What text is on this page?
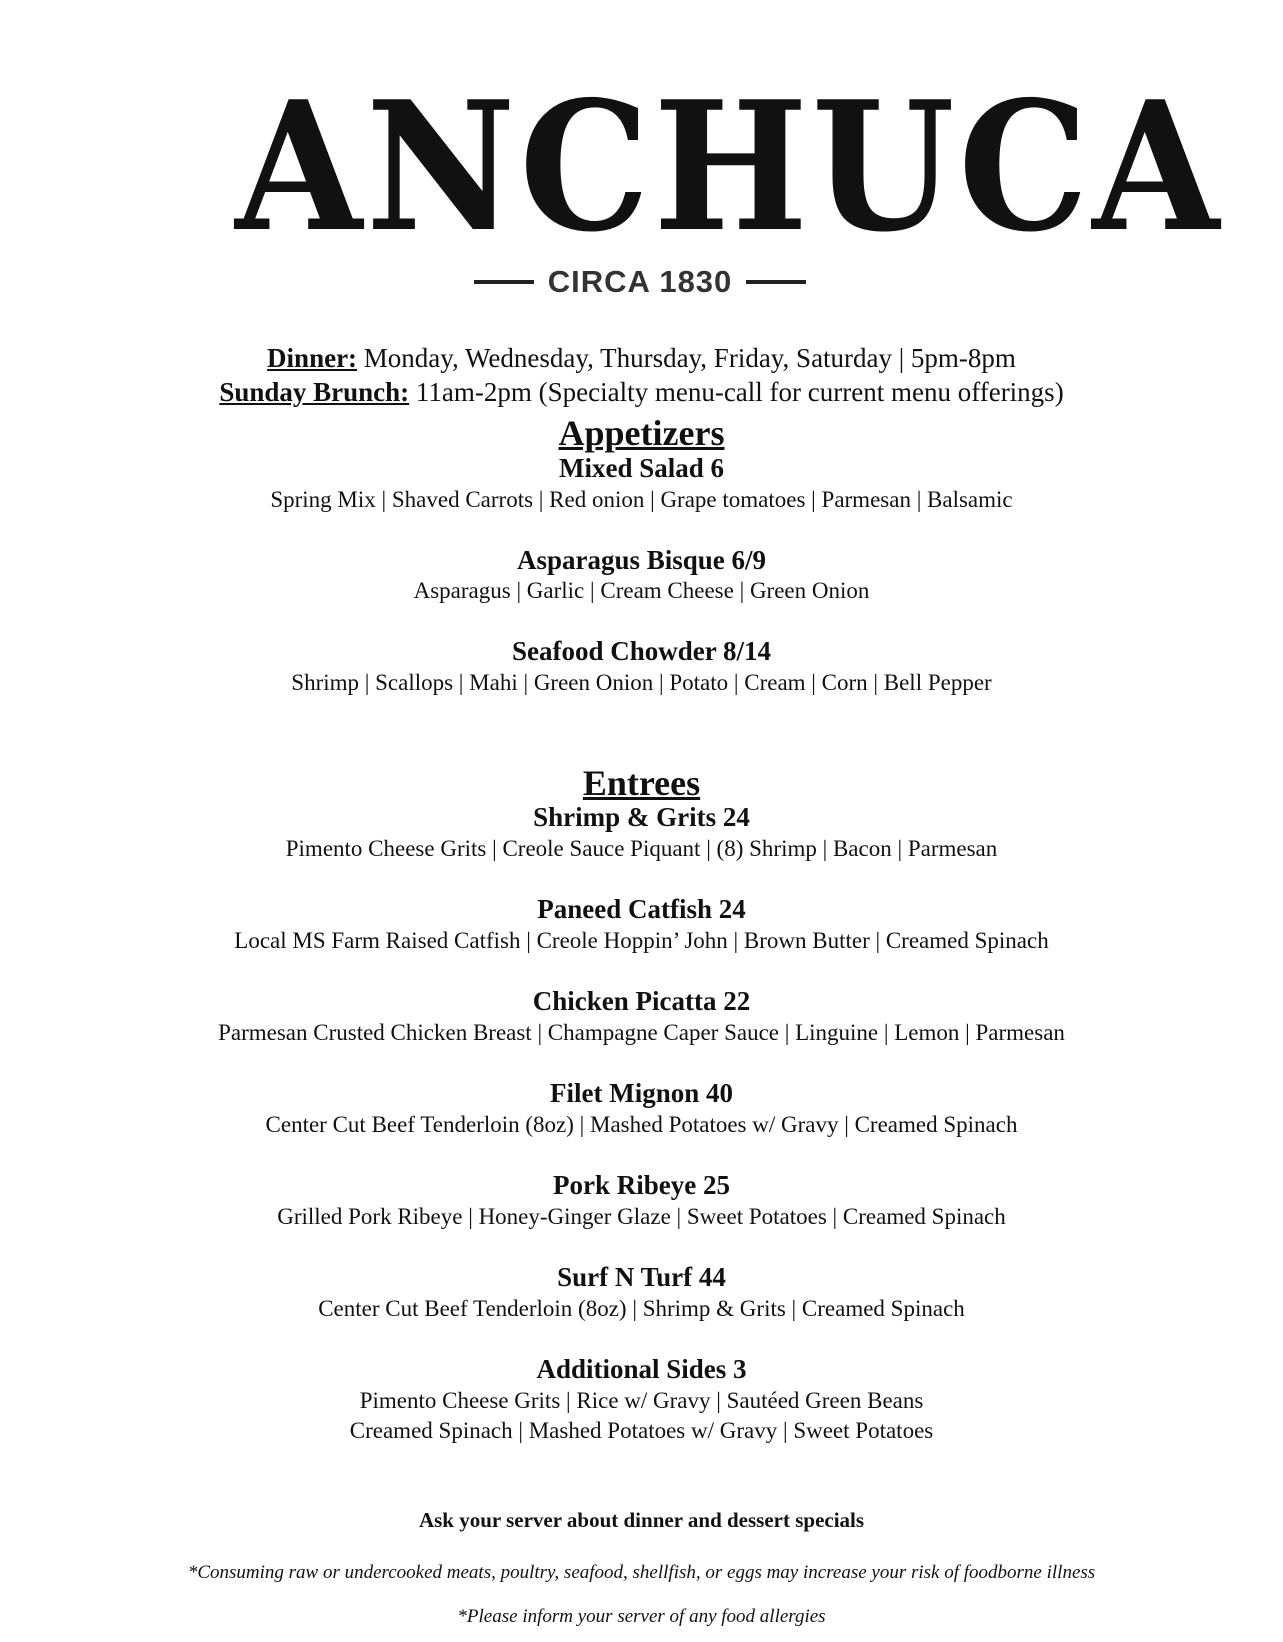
ANCHUCA
CIRCA 1830
Dinner: Monday, Wednesday, Thursday, Friday, Saturday | 5pm-8pm
Sunday Brunch: 11am-2pm (Specialty menu-call for current menu offerings)
Appetizers
Mixed Salad 6
Spring Mix | Shaved Carrots | Red onion | Grape tomatoes | Parmesan | Balsamic
Asparagus Bisque 6/9
Asparagus | Garlic | Cream Cheese | Green Onion
Seafood Chowder 8/14
Shrimp | Scallops | Mahi | Green Onion | Potato | Cream | Corn | Bell Pepper
Entrees
Shrimp & Grits 24
Pimento Cheese Grits | Creole Sauce Piquant | (8) Shrimp | Bacon | Parmesan
Paneed Catfish 24
Local MS Farm Raised Catfish | Creole Hoppin’ John | Brown Butter | Creamed Spinach
Chicken Picatta 22
Parmesan Crusted Chicken Breast | Champagne Caper Sauce | Linguine | Lemon | Parmesan
Filet Mignon 40
Center Cut Beef Tenderloin (8oz) | Mashed Potatoes w/ Gravy | Creamed Spinach
Pork Ribeye 25
Grilled Pork Ribeye | Honey-Ginger Glaze | Sweet Potatoes | Creamed Spinach
Surf N Turf 44
Center Cut Beef Tenderloin (8oz) | Shrimp & Grits | Creamed Spinach
Additional Sides 3
Pimento Cheese Grits | Rice w/ Gravy | Sautéed Green Beans
Creamed Spinach | Mashed Potatoes w/ Gravy | Sweet Potatoes
Ask your server about dinner and dessert specials
*Consuming raw or undercooked meats, poultry, seafood, shellfish, or eggs may increase your risk of foodborne illness
*Please inform your server of any food allergies
